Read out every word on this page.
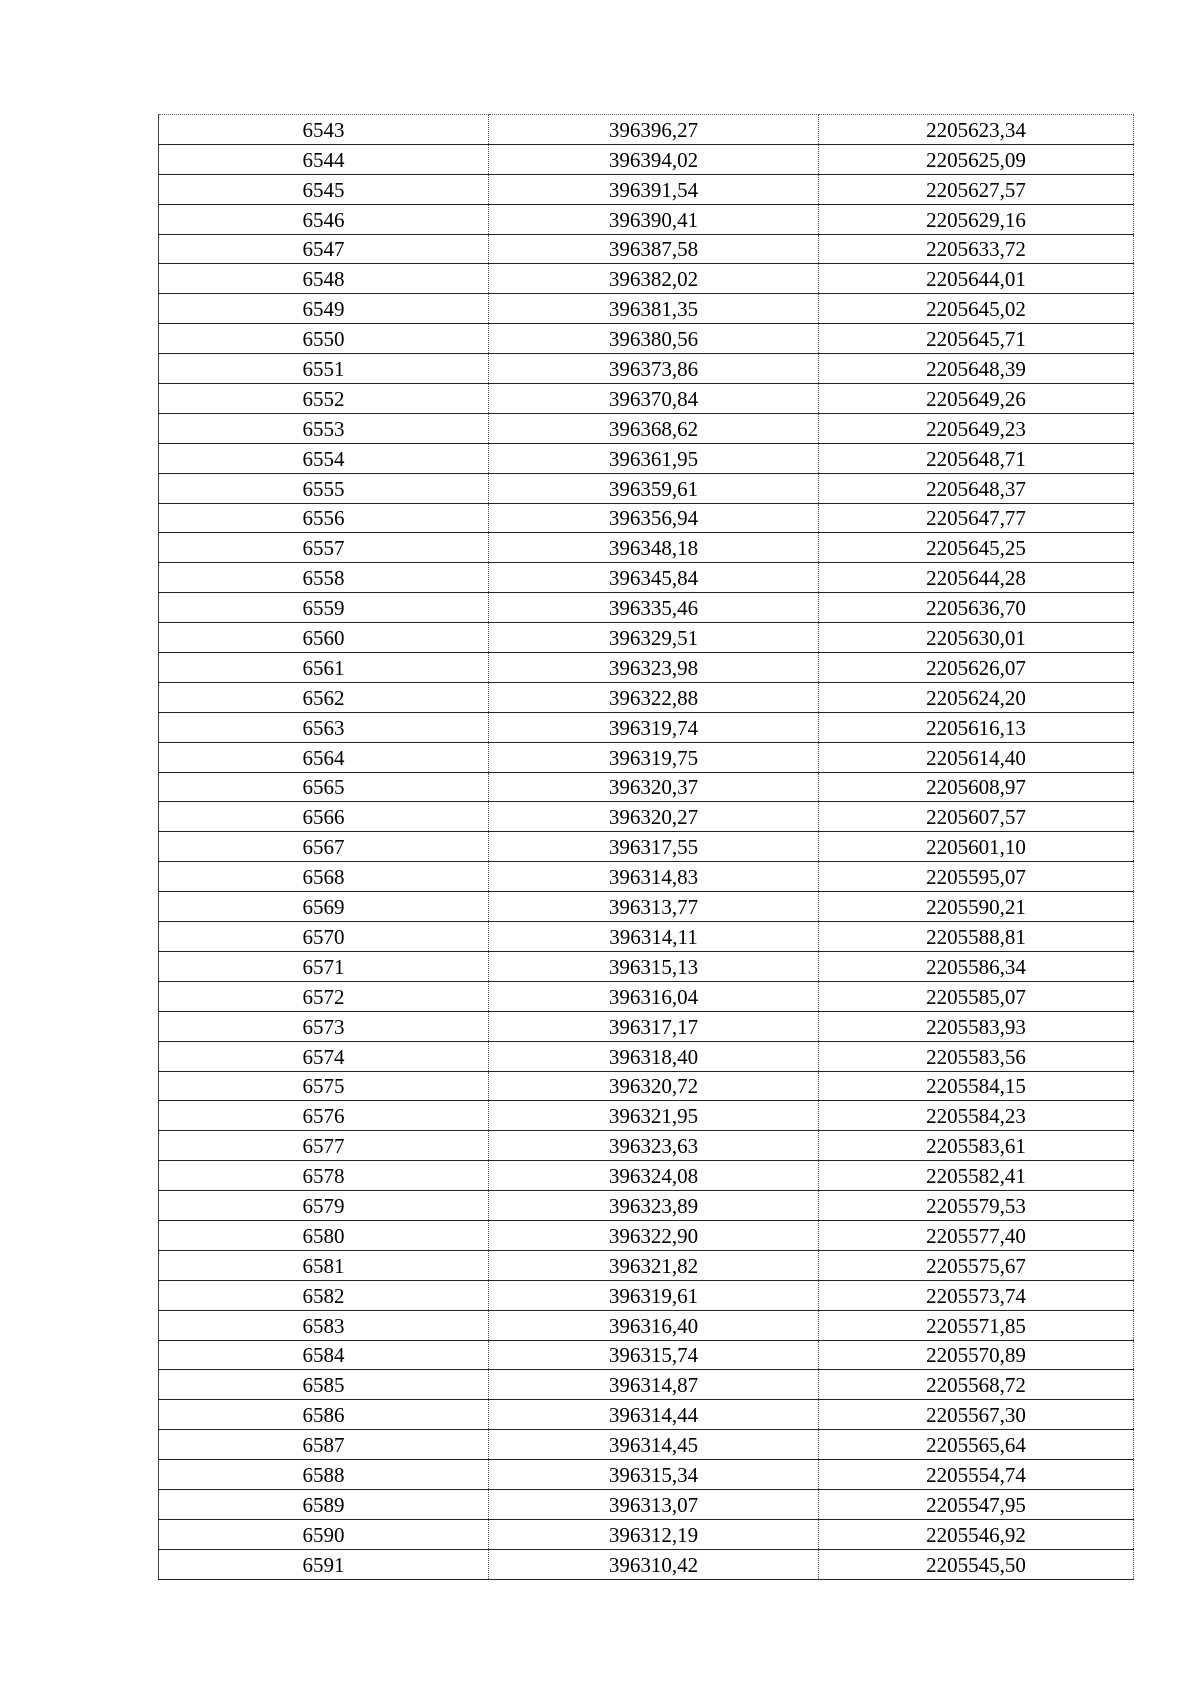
6543	396396,27	2205623,34
6544	396394,02	2205625,09
6545	396391,54	2205627,57
6546	396390,41	2205629,16
6547	396387,58	2205633,72
6548	396382,02	2205644,01
6549	396381,35	2205645,02
6550	396380,56	2205645,71
6551	396373,86	2205648,39
6552	396370,84	2205649,26
6553	396368,62	2205649,23
6554	396361,95	2205648,71
6555	396359,61	2205648,37
6556	396356,94	2205647,77
6557	396348,18	2205645,25
6558	396345,84	2205644,28
6559	396335,46	2205636,70
6560	396329,51	2205630,01
6561	396323,98	2205626,07
6562	396322,88	2205624,20
6563	396319,74	2205616,13
6564	396319,75	2205614,40
6565	396320,37	2205608,97
6566	396320,27	2205607,57
6567	396317,55	2205601,10
6568	396314,83	2205595,07
6569	396313,77	2205590,21
6570	396314,11	2205588,81
6571	396315,13	2205586,34
6572	396316,04	2205585,07
6573	396317,17	2205583,93
6574	396318,40	2205583,56
6575	396320,72	2205584,15
6576	396321,95	2205584,23
6577	396323,63	2205583,61
6578	396324,08	2205582,41
6579	396323,89	2205579,53
6580	396322,90	2205577,40
6581	396321,82	2205575,67
6582	396319,61	2205573,74
6583	396316,40	2205571,85
6584	396315,74	2205570,89
6585	396314,87	2205568,72
6586	396314,44	2205567,30
6587	396314,45	2205565,64
6588	396315,34	2205554,74
6589	396313,07	2205547,95
6590	396312,19	2205546,92
6591	396310,42	2205545,50
